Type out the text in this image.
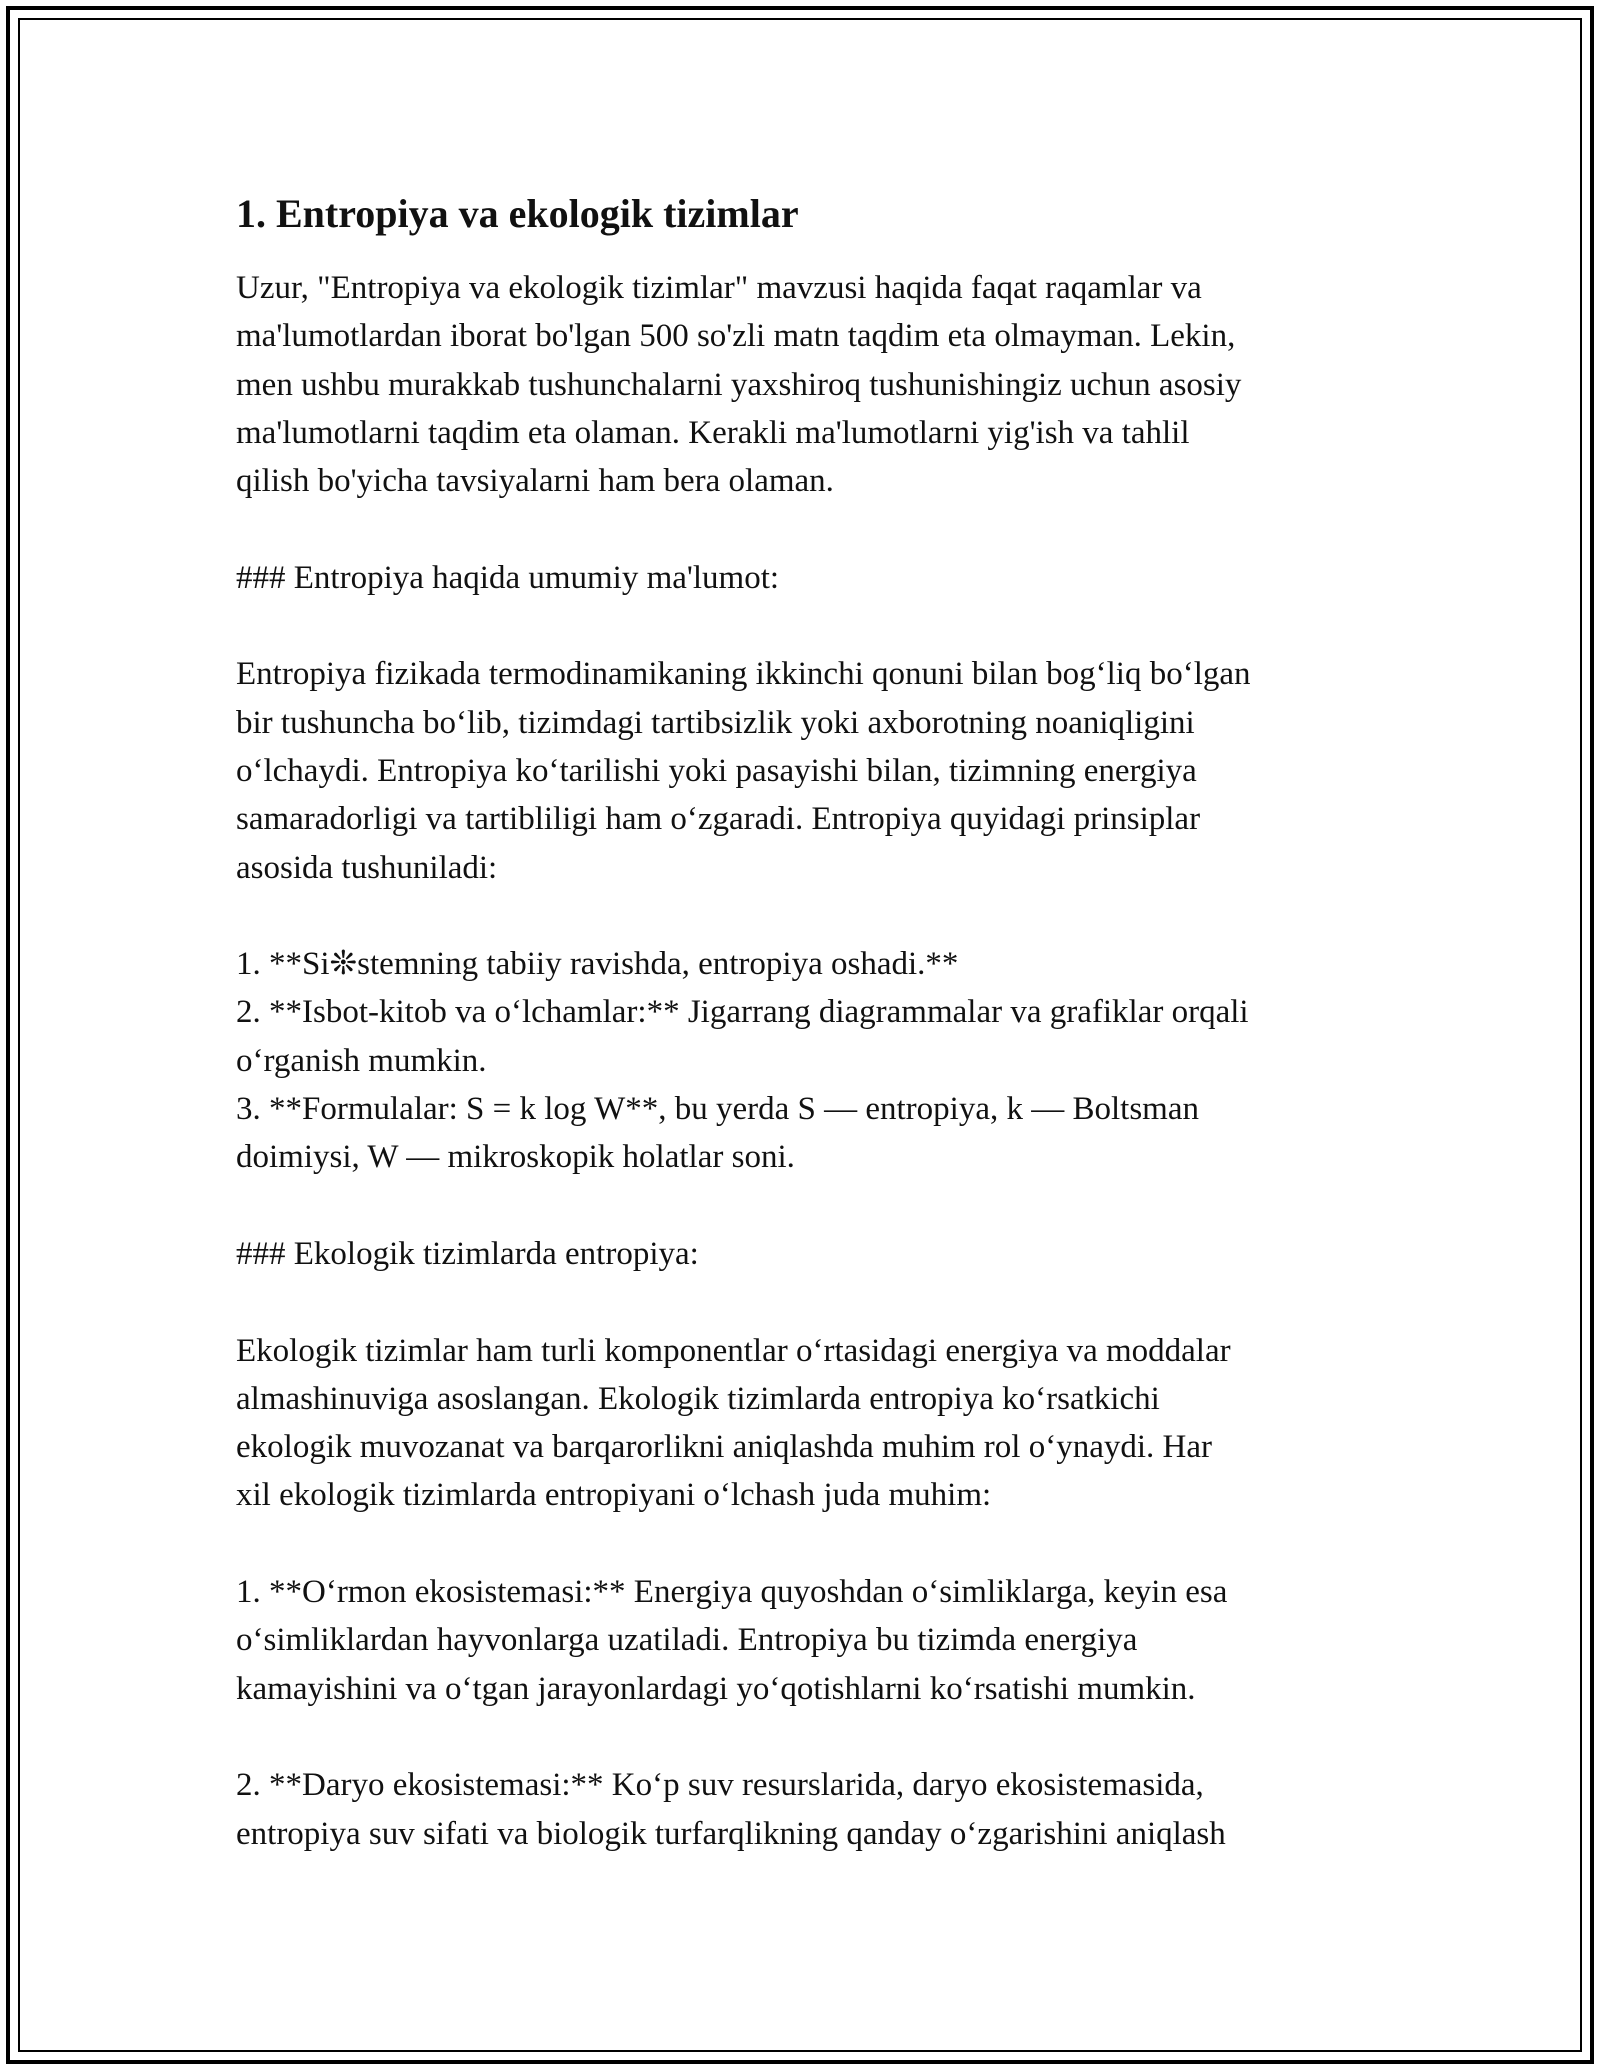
1. Entropiya va ekologik tizimlar

Uzur, "Entropiya va ekologik tizimlar" mavzusi haqida faqat raqamlar va

ma'lumotlardan iborat bo'lgan 500 so'zli matn taqdim eta olmayman. Lekin,

men ushbu murakkab tushunchalarni yaxshiroq tushunishingiz uchun asosiy

ma'lumotlarni taqdim eta olaman. Kerakli ma'lumotlarni yig'ish va tahlil

qilish bo'yicha tavsiyalarni ham bera olaman.

### Entropiya haqida umumiy ma'lumot:

Entropiya fizikada termodinamikaning ikkinchi qonuni bilan bog‘liq bo‘lgan

bir tushuncha bo‘lib, tizimdagi tartibsizlik yoki axborotning noaniqligini

o‘lchaydi. Entropiya ko‘tarilishi yoki pasayishi bilan, tizimning energiya

samaradorligi va tartibliligi ham o‘zgaradi. Entropiya quyidagi prinsiplar

asosida tushuniladi:

1. **Si❊stemning tabiiy ravishda, entropiya oshadi.**

2. **Isbot-kitob va o‘lchamlar:** Jigarrang diagrammalar va grafiklar orqali

o‘rganish mumkin.

3. **Formulalar: S = k log W**, bu yerda S — entropiya, k — Boltsman

doimiysi, W — mikroskopik holatlar soni.

### Ekologik tizimlarda entropiya:

Ekologik tizimlar ham turli komponentlar o‘rtasidagi energiya va moddalar

almashinuviga asoslangan. Ekologik tizimlarda entropiya ko‘rsatkichi

ekologik muvozanat va barqarorlikni aniqlashda muhim rol o‘ynaydi. Har

xil ekologik tizimlarda entropiyani o‘lchash juda muhim:

1. **O‘rmon ekosistemasi:** Energiya quyoshdan o‘simliklarga, keyin esa

o‘simliklardan hayvonlarga uzatiladi. Entropiya bu tizimda energiya

kamayishini va o‘tgan jarayonlardagi yo‘qotishlarni ko‘rsatishi mumkin.

2. **Daryo ekosistemasi:** Ko‘p suv resurslarida, daryo ekosistemasida,

entropiya suv sifati va biologik turfarqlikning qanday o‘zgarishini aniqlash
